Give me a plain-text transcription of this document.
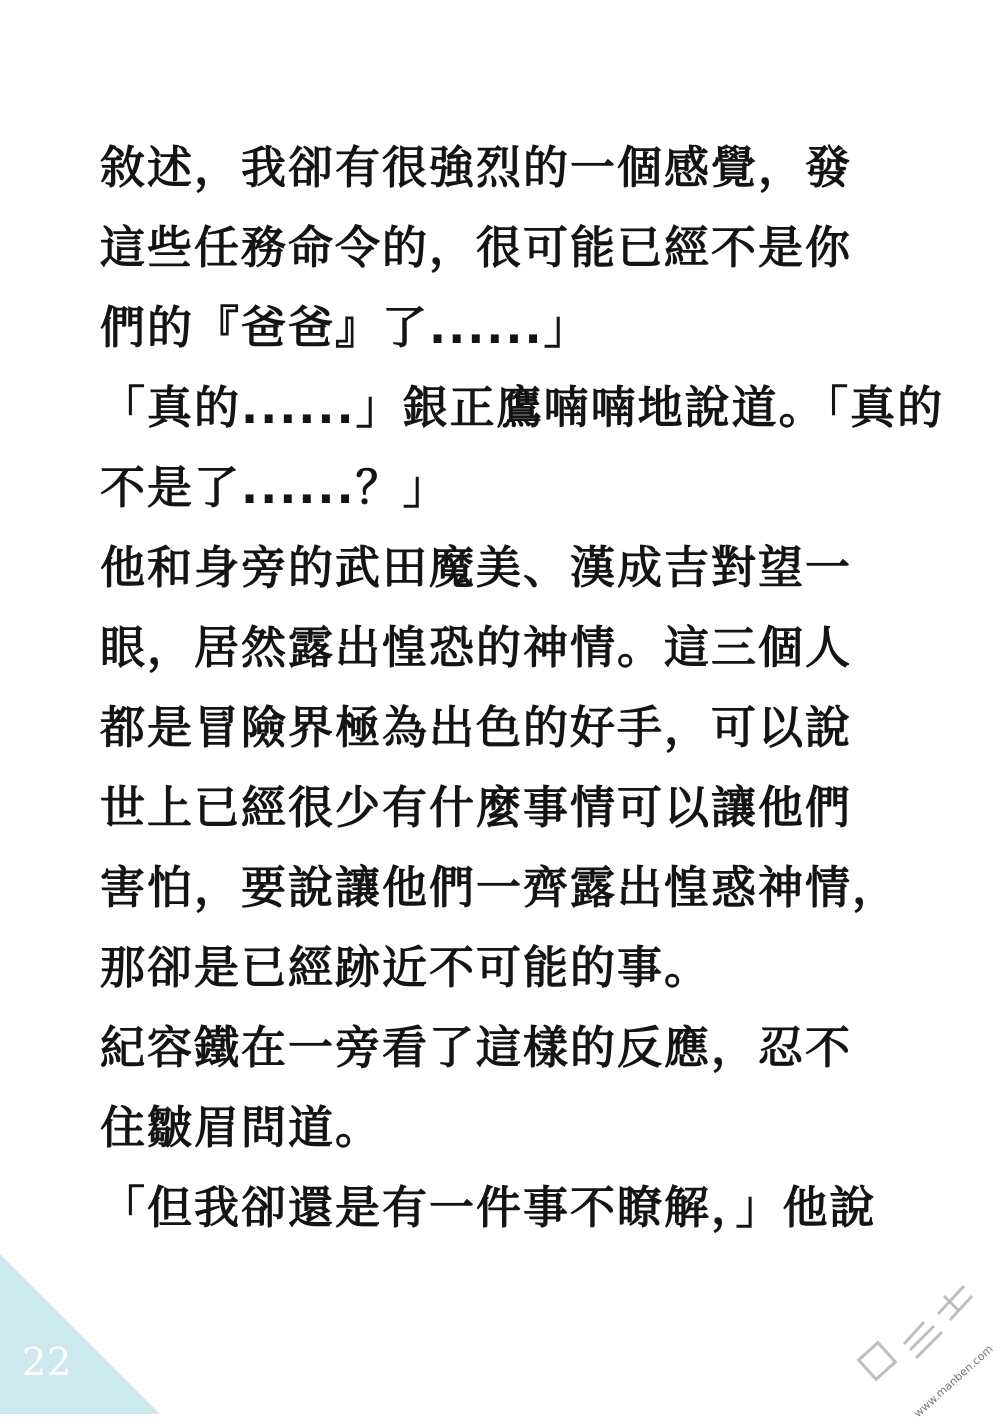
敘述，我卻有很強烈的一個感覺，發
這些任務命令的，很可能已經不是你
們的『爸爸』了......」
「真的......」銀正鷹喃喃地說道。「真的
不是了......？」
他和身旁的武田魔美、漢成吉對望一
眼，居然露出惶恐的神情。這三個人
都是冒險界極為出色的好手，可以說
世上已經很少有什麼事情可以讓他們
害怕，要說讓他們一齊露出惶惑神情，
那卻是已經跡近不可能的事。
紀容鐵在一旁看了這樣的反應，忍不
住皺眉問道。
「但我卻還是有一件事不瞭解，」他說
22	www.manben.com
